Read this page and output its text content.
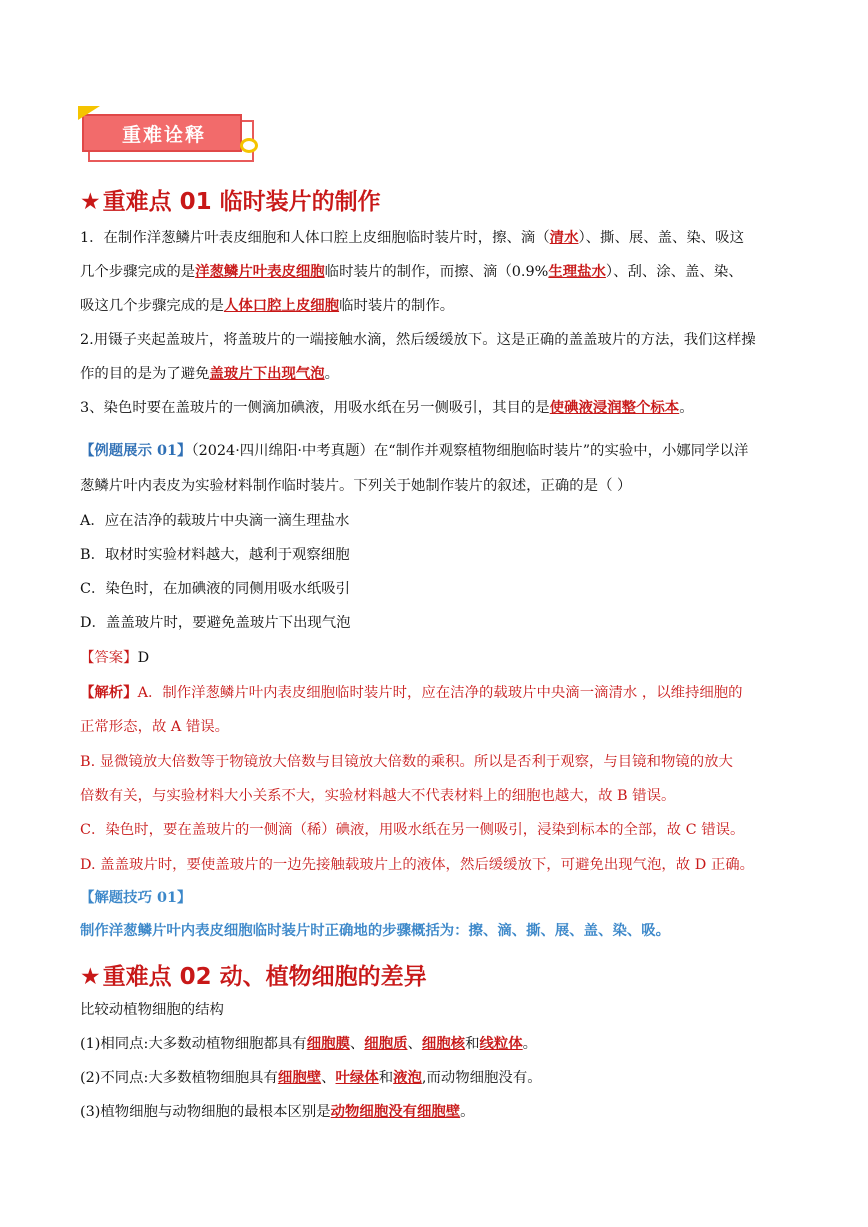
重难诠释
★重难点 01 临时装片的制作
1．在制作洋葱鳞片叶表皮细胞和人体口腔上皮细胞临时装片时，擦、滴（清水）、撕、展、盖、染、吸这
几个步骤完成的是洋葱鳞片叶表皮细胞临时装片的制作，而擦、滴（0.9%生理盐水）、刮、涂、盖、染、
吸这几个步骤完成的是人体口腔上皮细胞临时装片的制作。
2.用镊子夹起盖玻片，将盖玻片的一端接触水滴，然后缓缓放下。这是正确的盖盖玻片的方法，我们这样操
作的目的是为了避免盖玻片下出现气泡。
3、染色时要在盖玻片的一侧滴加碘液，用吸水纸在另一侧吸引，其目的是使碘液浸润整个标本。
【例题展示 01】（2024·四川绵阳·中考真题）在“制作并观察植物细胞临时装片”的实验中，小娜同学以洋
葱鳞片叶内表皮为实验材料制作临时装片。下列关于她制作装片的叙述，正确的是（ ）
A．应在洁净的载玻片中央滴一滴生理盐水
B．取材时实验材料越大，越利于观察细胞
C．染色时，在加碘液的同侧用吸水纸吸引
D．盖盖玻片时，要避免盖玻片下出现气泡
【答案】D
【解析】A．制作洋葱鳞片叶内表皮细胞临时装片时，应在洁净的载玻片中央滴一滴清水 ，以维持细胞的
正常形态，故 A 错误。
B. 显微镜放大倍数等于物镜放大倍数与目镜放大倍数的乘积。所以是否利于观察，与目镜和物镜的放大
倍数有关，与实验材料大小关系不大，实验材料越大不代表材料上的细胞也越大，故 B 错误。
C．染色时，要在盖玻片的一侧滴（稀）碘液，用吸水纸在另一侧吸引，浸染到标本的全部，故 C 错误。
D. 盖盖玻片时，要使盖玻片的一边先接触载玻片上的液体，然后缓缓放下，可避免出现气泡，故 D 正确。
【解题技巧 01】
制作洋葱鳞片叶内表皮细胞临时装片时正确地的步骤概括为：擦、滴、撕、展、盖、染、吸。
★重难点 02 动、植物细胞的差异
比较动植物细胞的结构
(1)相同点:大多数动植物细胞都具有细胞膜、细胞质、细胞核和线粒体。
(2)不同点:大多数植物细胞具有细胞壁、叶绿体和液泡,而动物细胞没有。
(3)植物细胞与动物细胞的最根本区别是动物细胞没有细胞壁。
